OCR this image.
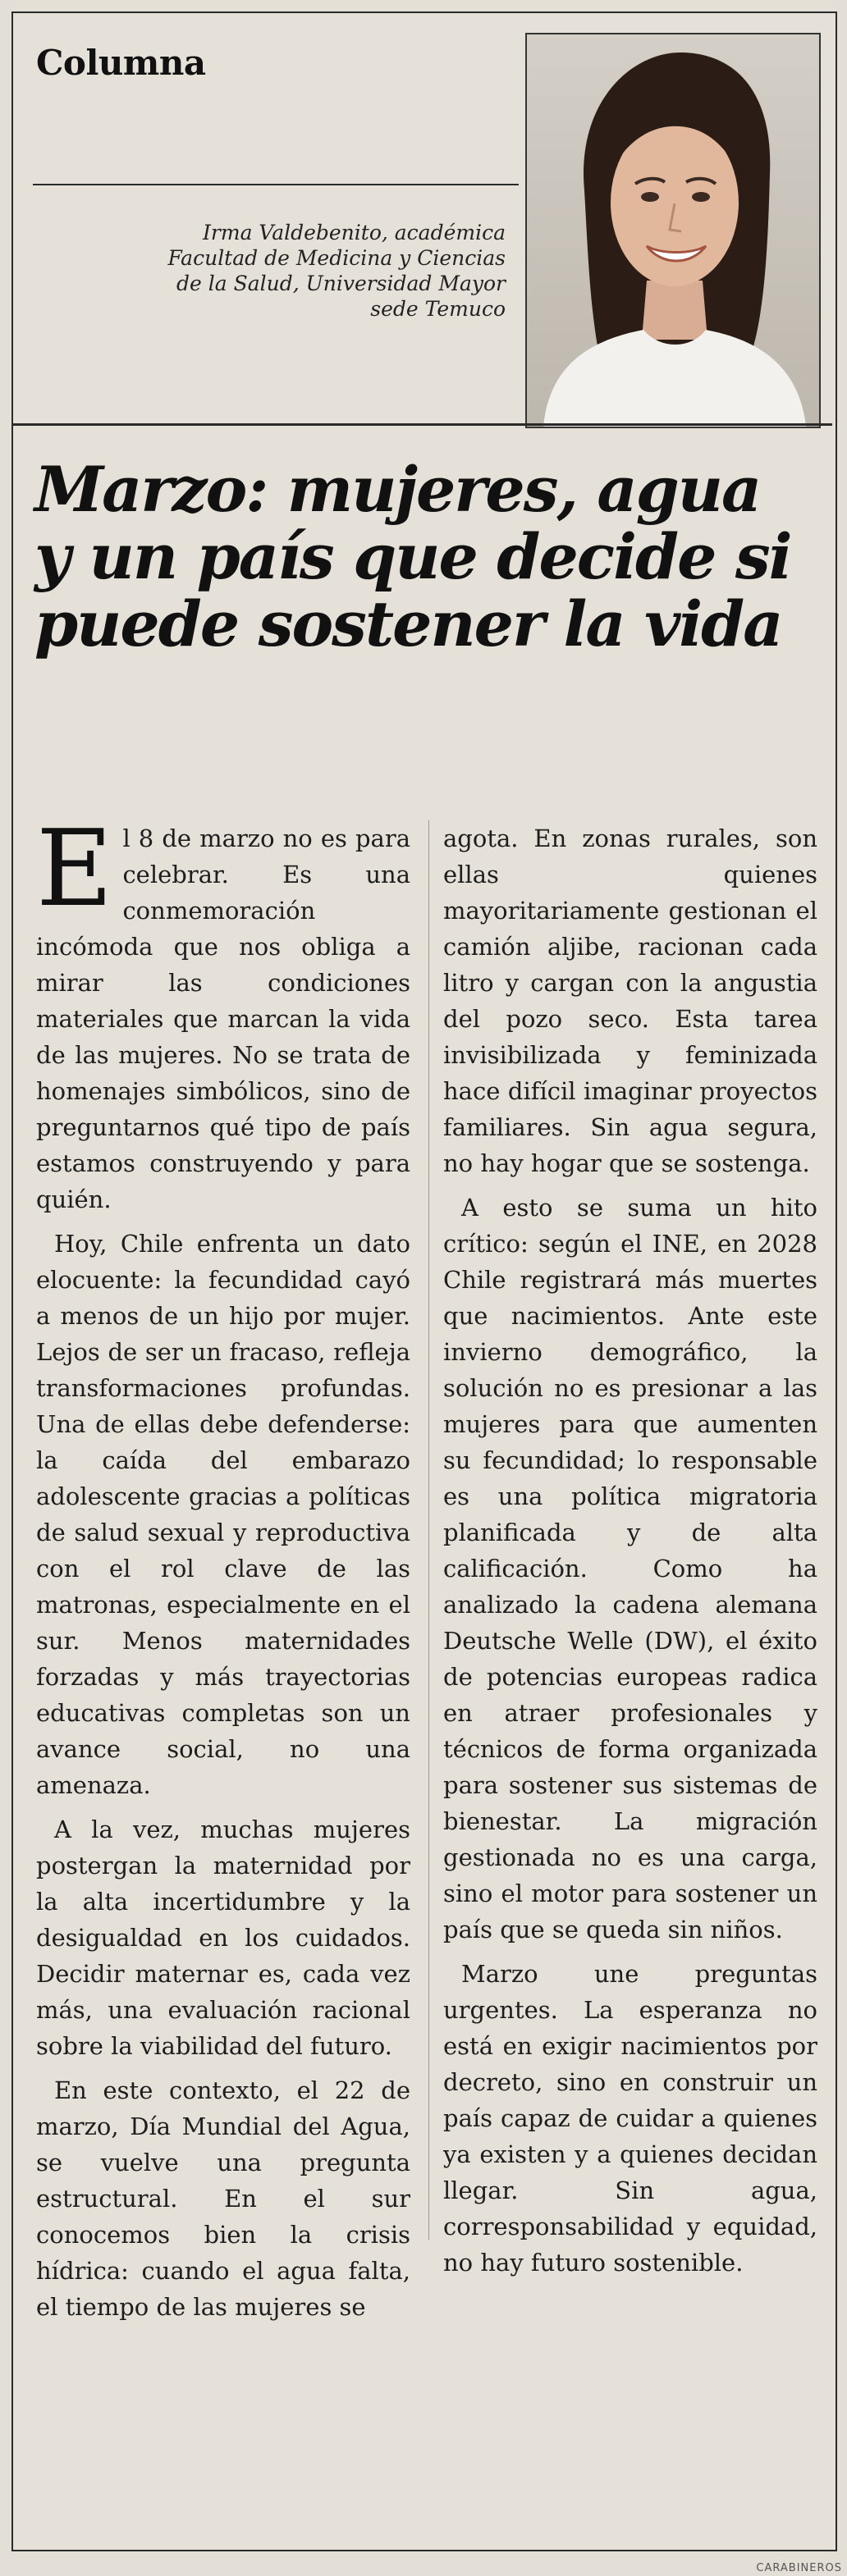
Columna
Irma Valdebenito, académica Facultad de Medicina y Ciencias de la Salud, Universidad Mayor sede Temuco
Marzo: mujeres, agua y un país que decide si puede sostener la vida

El 8 de marzo no es para celebrar. Es una conmemoración incómoda que nos obliga a mirar las condiciones materiales que marcan la vida de las mujeres. No se trata de homenajes simbólicos, sino de preguntarnos qué tipo de país estamos construyendo y para quién.

Hoy, Chile enfrenta un dato elocuente: la fecundidad cayó a menos de un hijo por mujer. Lejos de ser un fracaso, refleja transformaciones profundas. Una de ellas debe defenderse: la caída del embarazo adolescente gracias a políticas de salud sexual y reproductiva con el rol clave de las matronas, especialmente en el sur. Menos maternidades forzadas y más trayectorias educativas completas son un avance social, no una amenaza.

A la vez, muchas mujeres postergan la maternidad por la alta incertidumbre y la desigualdad en los cuidados. Decidir maternar es, cada vez más, una evaluación racional sobre la viabilidad del futuro.

En este contexto, el 22 de marzo, Día Mundial del Agua, se vuelve una pregunta estructural. En el sur conocemos bien la crisis hídrica: cuando el agua falta, el tiempo de las mujeres se

agota. En zonas rurales, son ellas quienes mayoritariamente gestionan el camión aljibe, racionan cada litro y cargan con la angustia del pozo seco. Esta tarea invisibilizada y feminizada hace difícil imaginar proyectos familiares. Sin agua segura, no hay hogar que se sostenga.

A esto se suma un hito crítico: según el INE, en 2028 Chile registrará más muertes que nacimientos. Ante este invierno demográfico, la solución no es presionar a las mujeres para que aumenten su fecundidad; lo responsable es una política migratoria planificada y de alta calificación. Como ha analizado la cadena alemana Deutsche Welle (DW), el éxito de potencias europeas radica en atraer profesionales y técnicos de forma organizada para sostener sus sistemas de bienestar. La migración gestionada no es una carga, sino el motor para sostener un país que se queda sin niños.

Marzo une preguntas urgentes. La esperanza no está en exigir nacimientos por decreto, sino en construir un país capaz de cuidar a quienes ya existen y a quienes decidan llegar. Sin agua, corresponsabilidad y equidad, no hay futuro sostenible.

CARABINEROS
